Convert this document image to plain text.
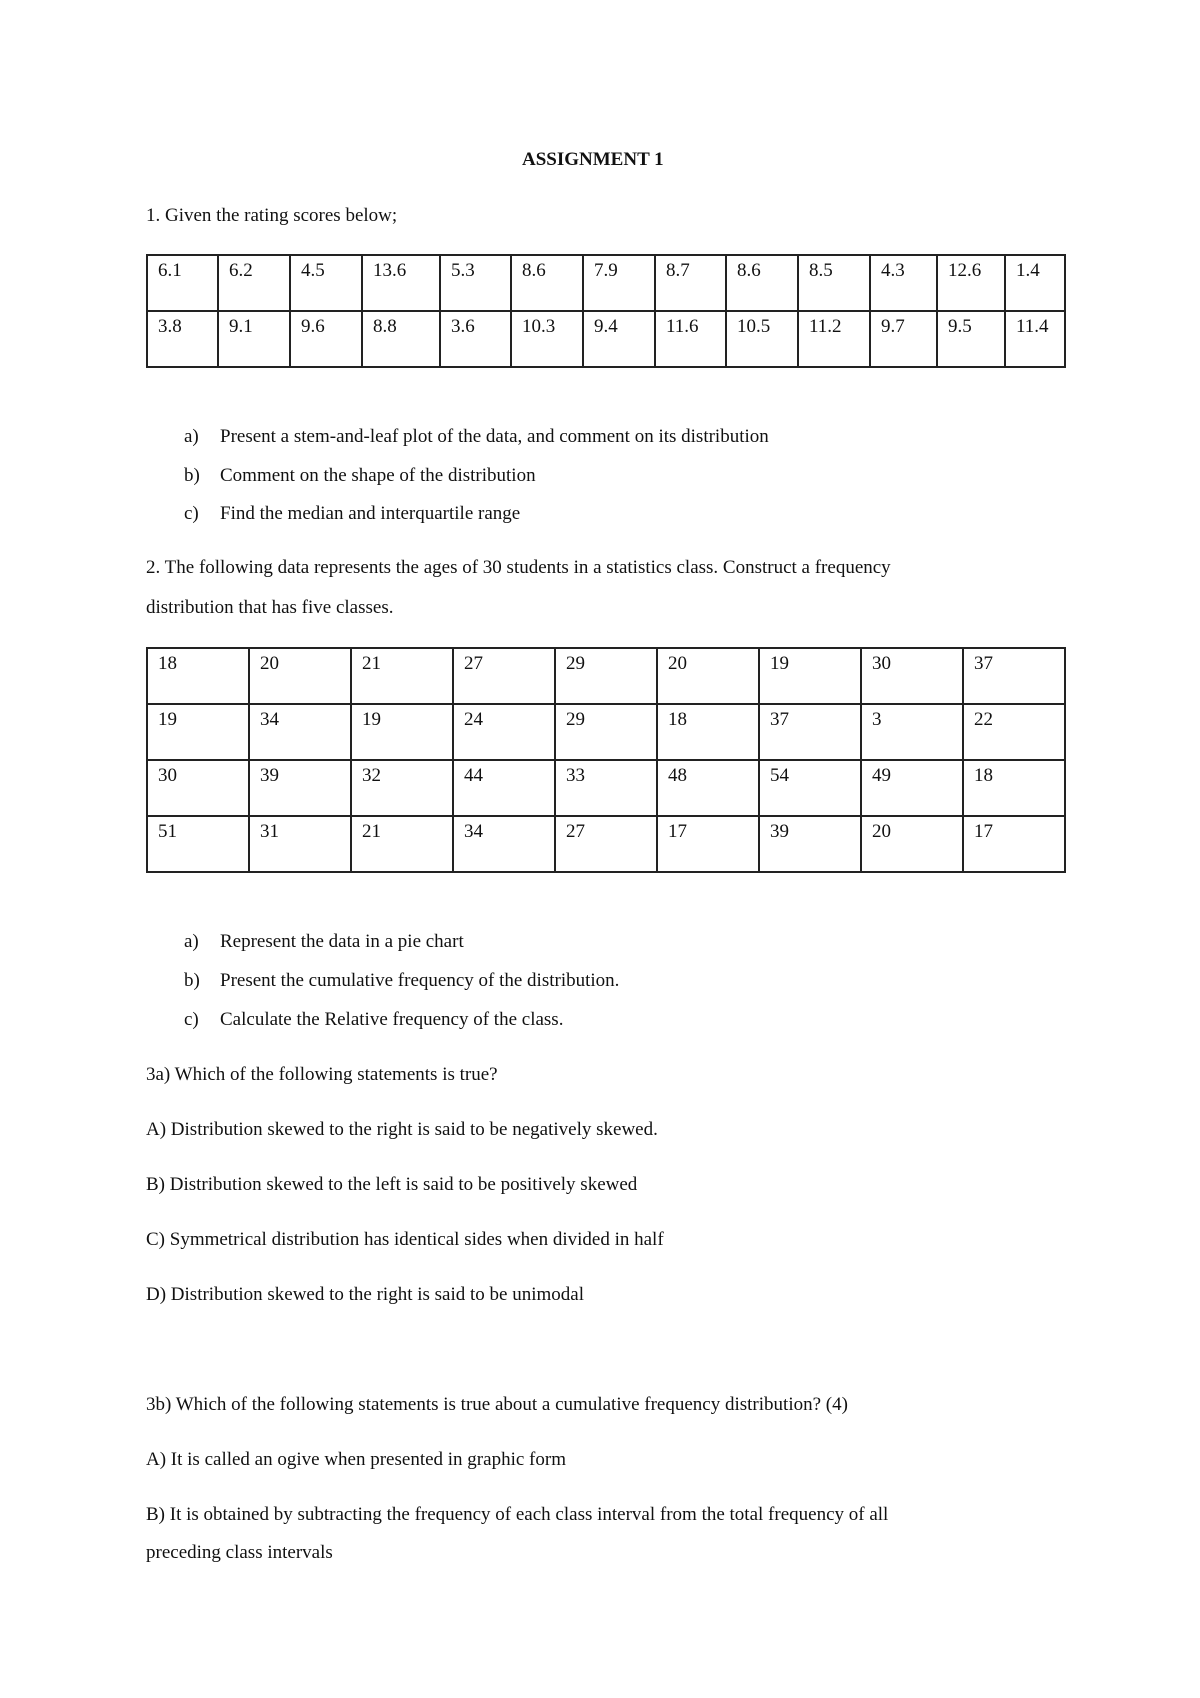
ASSIGNMENT 1

1. Given the rating scores below;

6.1	6.2	4.5	13.6	5.3	8.6	7.9	8.7	8.6	8.5	4.3	12.6	1.4
3.8	9.1	9.6	8.8	3.6	10.3	9.4	11.6	10.5	11.2	9.7	9.5	11.4
a) Present a stem-and-leaf plot of the data, and comment on its distribution
b) Comment on the shape of the distribution
c) Find the median and interquartile range

2. The following data represents the ages of 30 students in a statistics class. Construct a frequency

distribution that has five classes.

18	20	21	27	29	20	19	30	37
19	34	19	24	29	18	37	3	22
30	39	32	44	33	48	54	49	18
51	31	21	34	27	17	39	20	17
a) Represent the data in a pie chart
b) Present the cumulative frequency of the distribution.
c) Calculate the Relative frequency of the class.

3a) Which of the following statements is true?

A) Distribution skewed to the right is said to be negatively skewed.

B) Distribution skewed to the left is said to be positively skewed

C) Symmetrical distribution has identical sides when divided in half

D) Distribution skewed to the right is said to be unimodal

3b) Which of the following statements is true about a cumulative frequency distribution? (4)

A) It is called an ogive when presented in graphic form

B) It is obtained by subtracting the frequency of each class interval from the total frequency of all

preceding class intervals
